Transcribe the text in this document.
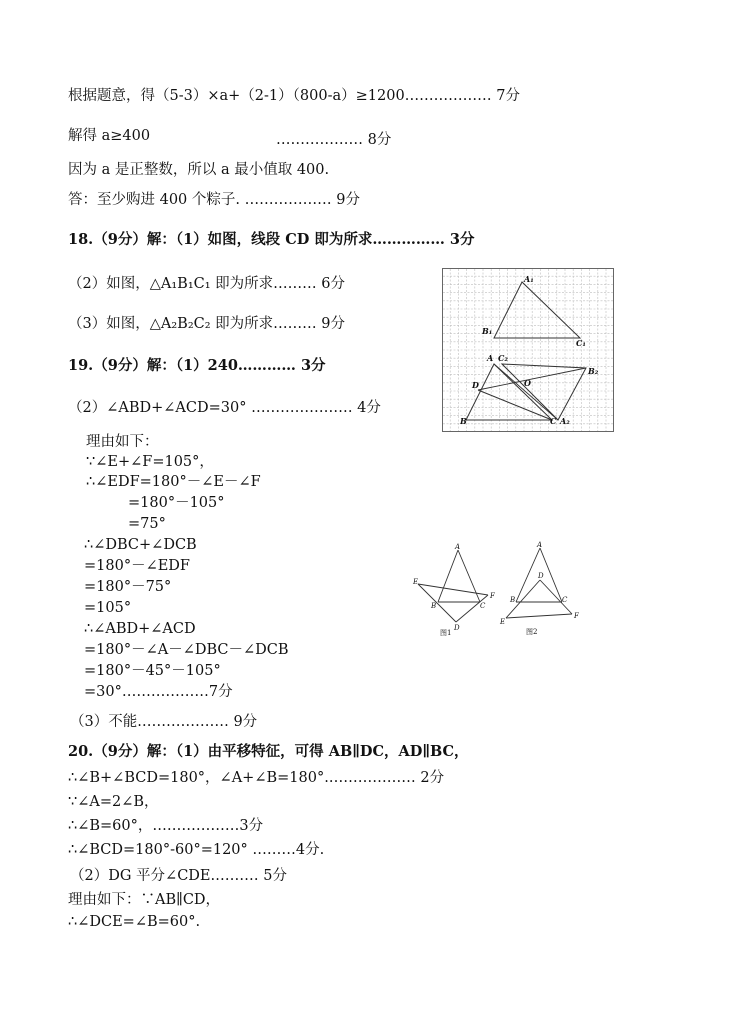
根据题意，得（5-3）×a+（2-1）（800-a）≥1200……………… 7分
解得 a≥400	……………… 8分
因为 a 是正整数，所以 a 最小值取 400.
答：至少购进 400 个粽子. ……………… 9分
18.（9分）解：（1）如图，线段 CD 即为所求…………… 3分
（2）如图，△A₁B₁C₁ 即为所求……… 6分
（3）如图，△A₂B₂C₂ 即为所求……… 9分
19.（9分）解：（1）240………… 3分
（2）∠ABD+∠ACD=30° ………………… 4分
理由如下：
∵∠E+∠F=105°，
∴∠EDF=180°－∠E－∠F
=180°－105°
=75°
∴∠DBC+∠DCB
=180°－∠EDF
=180°－75°
=105°
∴∠ABD+∠ACD
=180°－∠A－∠DBC－∠DCB
=180°－45°－105°
=30°………………7分
（3）不能.……………… 9分
20.（9分）解：（1）由平移特征，可得 AB∥DC，AD∥BC，
∴∠B+∠BCD=180°，∠A+∠B=180°.……………… 2分
∵∠A=2∠B，
∴∠B=60°，………………3分
∴∠BCD=180°-60°=120° ………4分.
（2）DG 平分∠CDE.……… 5分
理由如下：∵AB∥CD，
∴∠DCE=∠B=60°.
A₁
B₁
C₁
A C₂
B₂
D	O
B	C A₂
A
E
F
B	C
D
图1
A
D
B	C
E
F
图2
